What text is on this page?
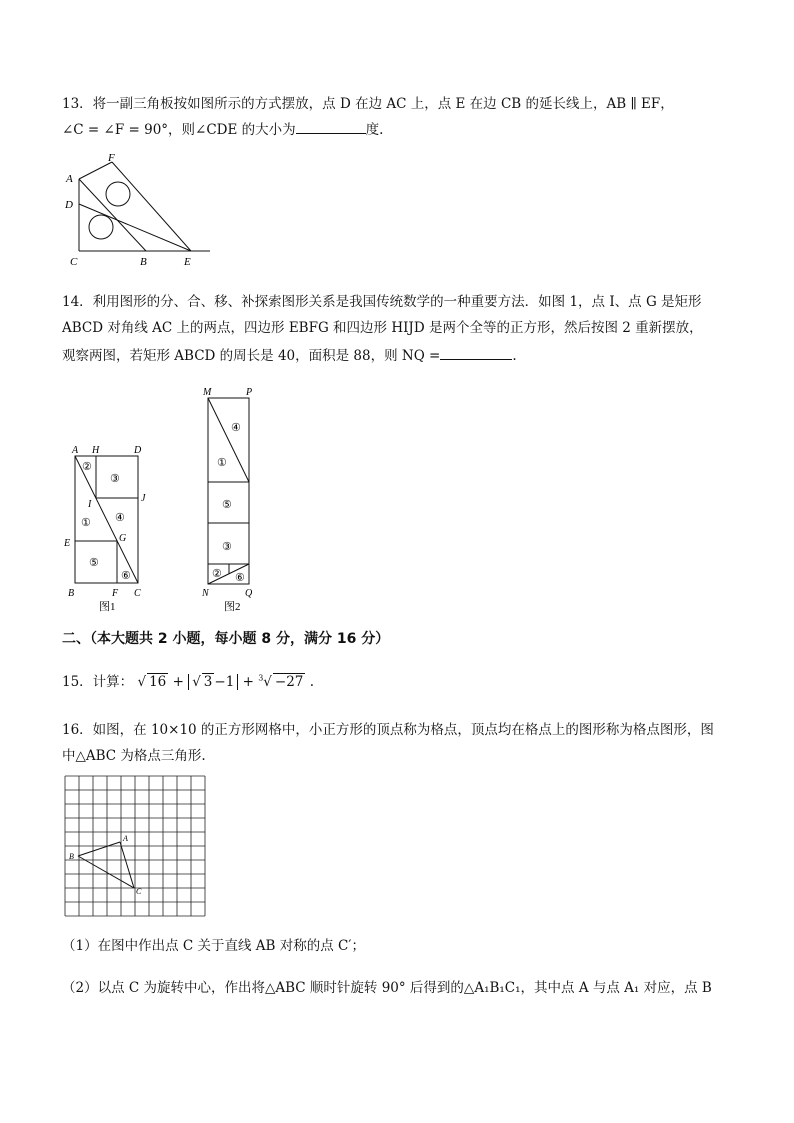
13．将一副三角板按如图所示的方式摆放，点 D 在边 AC 上，点 E 在边 CB 的延长线上，AB ∥ EF，
∠C = ∠F = 90°，则∠CDE 的大小为	度.
F
A
D
C	B	E
14．利用图形的分、合、移、补探索图形关系是我国传统数学的一种重要方法．如图 1，点 I、点 G 是矩形
ABCD 对角线 AC 上的两点，四边形 EBFG 和四边形 HIJD 是两个全等的正方形，然后按图 2 重新摆放，
观察两图，若矩形 ABCD 的周长是 40，面积是 88，则 NQ =	.
A H	D
J
I
E	G
B	F C
②
③
① ④
⑤
⑥
图1
M	P
N	Q
④
①
⑤
③
② ⑥
图2
二、（本大题共 2 小题，每小题 8 分，满分 16 分）
15．计算： √ 16 + √ 3 −1 + $^3$√ −27 .
16．如图，在 10×10 的正方形网格中，小正方形的顶点称为格点，顶点均在格点上的图形称为格点图形，图
中△ABC 为格点三角形.
A
B
C
（1）在图中作出点 C 关于直线 AB 对称的点 C′；
（2）以点 C 为旋转中心，作出将△ABC 顺时针旋转 90° 后得到的△A₁B₁C₁，其中点 A 与点 A₁ 对应，点 B
